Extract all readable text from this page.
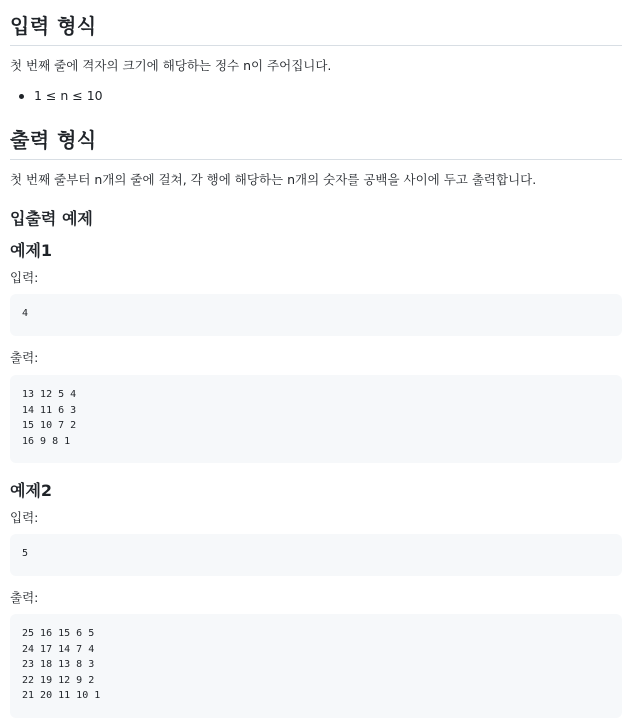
입력 형식
첫 번째 줄에 격자의 크기에 해당하는 정수 n이 주어집니다.
1 ≤ n ≤ 10
출력 형식
첫 번째 줄부터 n개의 줄에 걸쳐, 각 행에 해당하는 n개의 숫자를 공백을 사이에 두고 출력합니다.
입출력 예제
예제1
입력:
4
출력:
13 12 5 4
14 11 6 3
15 10 7 2
16 9 8 1
예제2
입력:
5
출력:
25 16 15 6 5
24 17 14 7 4
23 18 13 8 3
22 19 12 9 2
21 20 11 10 1
